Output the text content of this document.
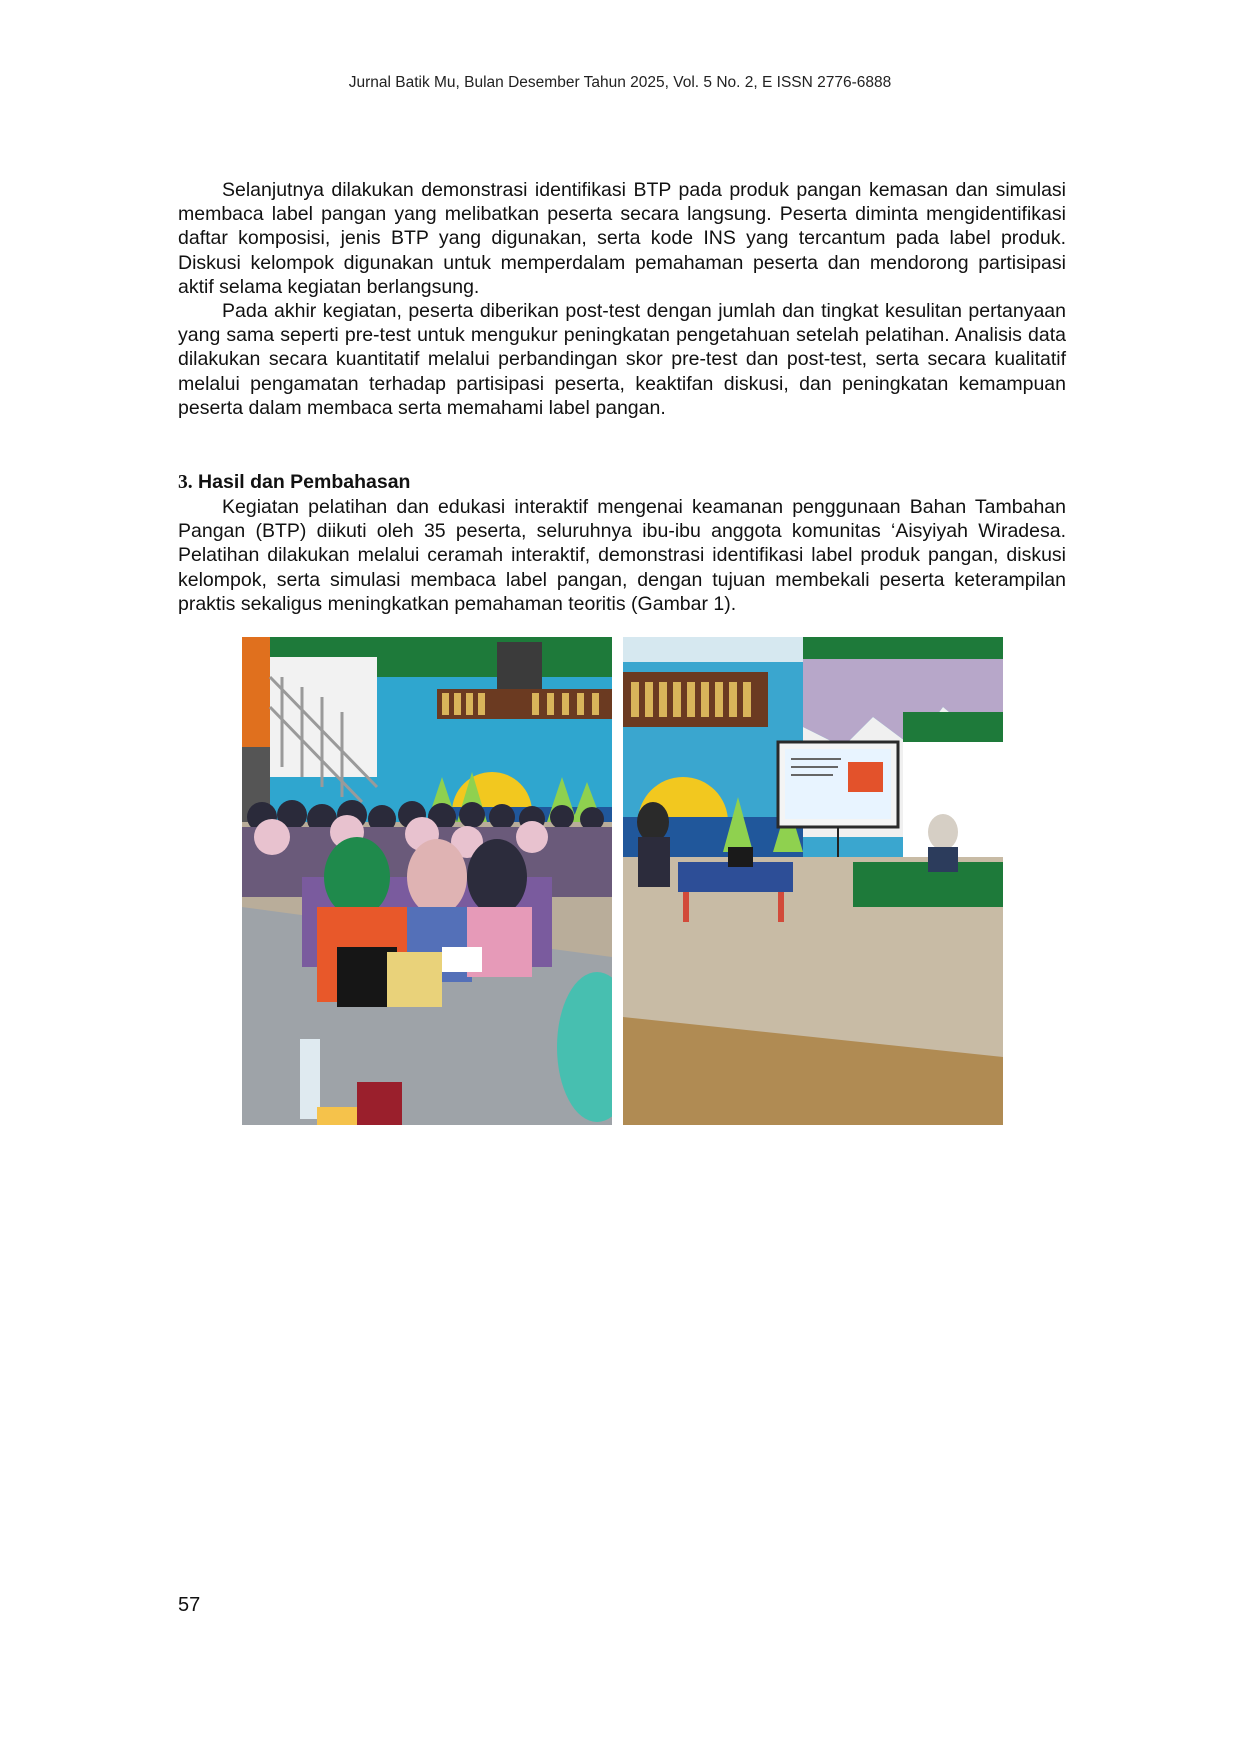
Jurnal Batik Mu, Bulan Desember Tahun 2025, Vol. 5 No. 2, E ISSN 2776-6888

Selanjutnya dilakukan demonstrasi identifikasi BTP pada produk pangan kemasan dan simulasi membaca label pangan yang melibatkan peserta secara langsung. Peserta diminta mengidentifikasi daftar komposisi, jenis BTP yang digunakan, serta kode INS yang tercantum pada label produk. Diskusi kelompok digunakan untuk memperdalam pemahaman peserta dan mendorong partisipasi aktif selama kegiatan berlangsung.

Pada akhir kegiatan, peserta diberikan post-test dengan jumlah dan tingkat kesulitan pertanyaan yang sama seperti pre-test untuk mengukur peningkatan pengetahuan setelah pelatihan. Analisis data dilakukan secara kuantitatif melalui perbandingan skor pre-test dan post-test, serta secara kualitatif melalui pengamatan terhadap partisipasi peserta, keaktifan diskusi, dan peningkatan kemampuan peserta dalam membaca serta memahami label pangan.

3. Hasil dan Pembahasan

Kegiatan pelatihan dan edukasi interaktif mengenai keamanan penggunaan Bahan Tambahan Pangan (BTP) diikuti oleh 35 peserta, seluruhnya ibu-ibu anggota komunitas ‘Aisyiyah Wiradesa. Pelatihan dilakukan melalui ceramah interaktif, demonstrasi identifikasi label produk pangan, diskusi kelompok, serta simulasi membaca label pangan, dengan tujuan membekali peserta keterampilan praktis sekaligus meningkatkan pemahaman teoritis (Gambar 1).

57
